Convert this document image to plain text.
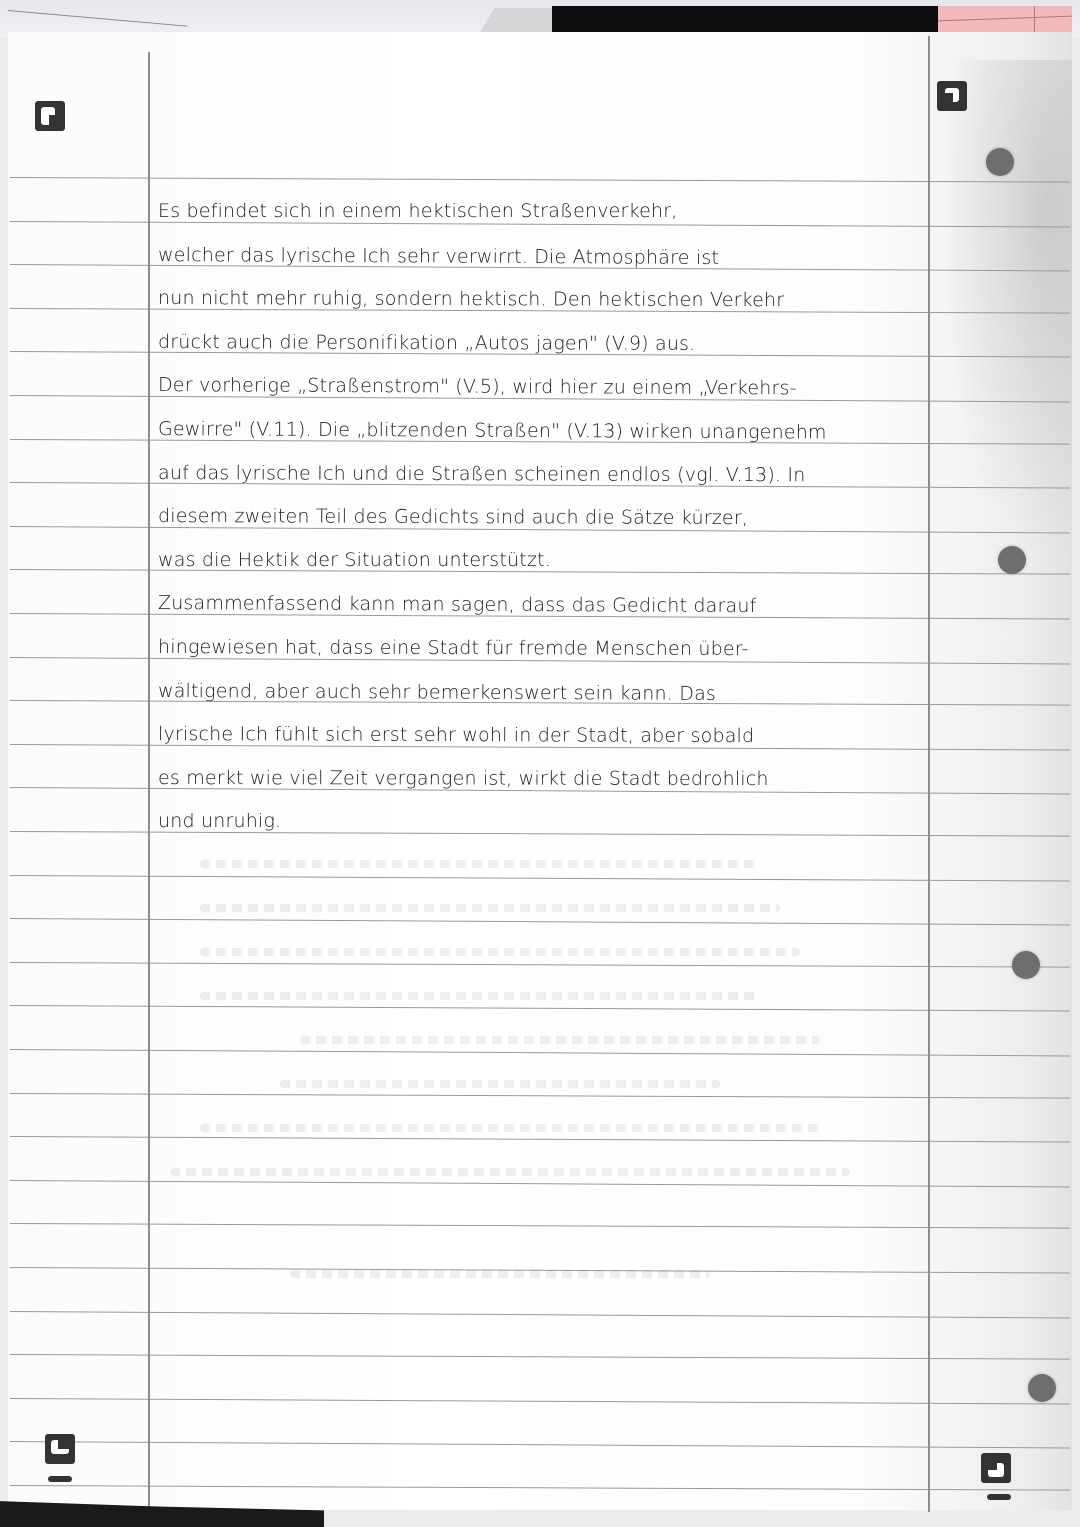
Es befindet sich in einem hektischen Straßenverkehr,
welcher das lyrische Ich sehr verwirrt. Die Atmosphäre ist
nun nicht mehr ruhig, sondern hektisch. Den hektischen Verkehr
drückt auch die Personifikation „Autos jagen" (V.9) aus.
Der vorherige „Straßenstrom" (V.5), wird hier zu einem „Verkehrs-
Gewirre" (V.11). Die „blitzenden Straßen" (V.13) wirken unangenehm
auf das lyrische Ich und die Straßen scheinen endlos (vgl. V.13). In
diesem zweiten Teil des Gedichts sind auch die Sätze kürzer,
was die Hektik der Situation unterstützt.
Zusammenfassend kann man sagen, dass das Gedicht darauf
hingewiesen hat, dass eine Stadt für fremde Menschen über-
wältigend, aber auch sehr bemerkenswert sein kann. Das
lyrische Ich fühlt sich erst sehr wohl in der Stadt, aber sobald
es merkt wie viel Zeit vergangen ist, wirkt die Stadt bedrohlich
und unruhig.
